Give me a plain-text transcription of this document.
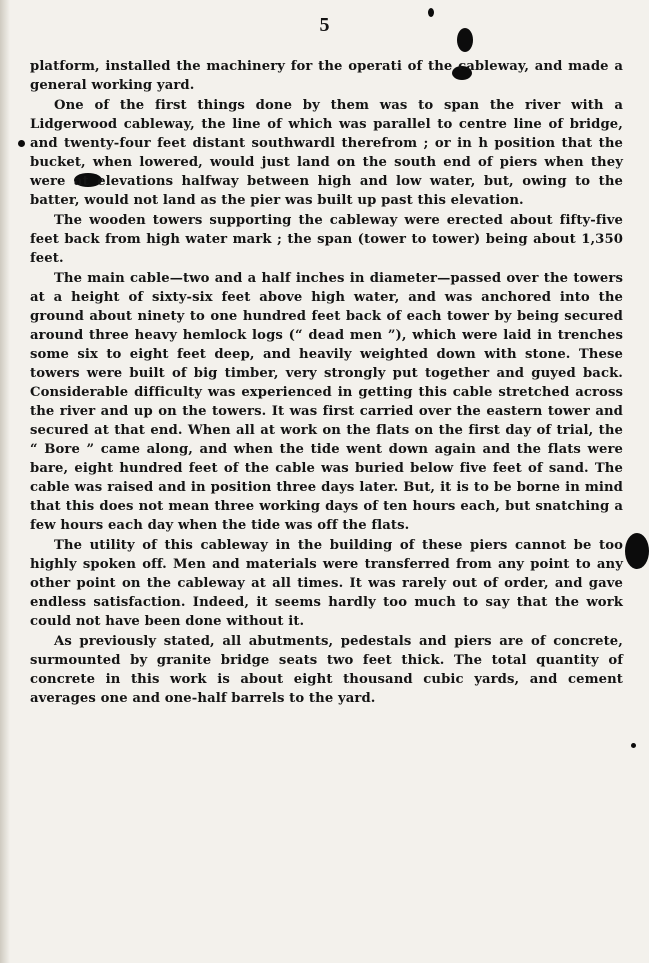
5

platform, installed the machinery for the operati of the cableway, and made a general working yard.

One of the first things done by them was to span the river with a Lidgerwood cableway, the line of which was parallel to centre line of bridge, and twenty-four feet distant southwardl therefrom ; or in h position that the bucket, when lowered, would just land on the south end of piers when they were at elevations halfway between high and low water, but, owing to the batter, would not land as the pier was built up past this elevation.

The wooden towers supporting the cableway were erected about fifty-five feet back from high water mark ; the span (tower to tower) being about 1,350 feet.

The main cable—two and a half inches in diameter—passed over the towers at a height of sixty-six feet above high water, and was anchored into the ground about ninety to one hundred feet back of each tower by being secured around three heavy hemlock logs (“ dead men ”), which were laid in trenches some six to eight feet deep, and heavily weighted down with stone. These towers were built of big timber, very strongly put together and guyed back. Considerable difficulty was experienced in getting this cable stretched across the river and up on the towers. It was first carried over the eastern tower and secured at that end. When all at work on the flats on the first day of trial, the “ Bore ” came along, and when the tide went down again and the flats were bare, eight hundred feet of the cable was buried below five feet of sand. The cable was raised and in position three days later. But, it is to be borne in mind that this does not mean three working days of ten hours each, but snatching a few hours each day when the tide was off the flats.

The utility of this cableway in the building of these piers cannot be too highly spoken off. Men and materials were transferred from any point to any other point on the cableway at all times. It was rarely out of order, and gave endless satisfaction. Indeed, it seems hardly too much to say that the work could not have been done without it.

As previously stated, all abutments, pedestals and piers are of concrete, surmounted by granite bridge seats two feet thick. The total quantity of concrete in this work is about eight thousand cubic yards, and cement averages one and one-half barrels to the yard.
